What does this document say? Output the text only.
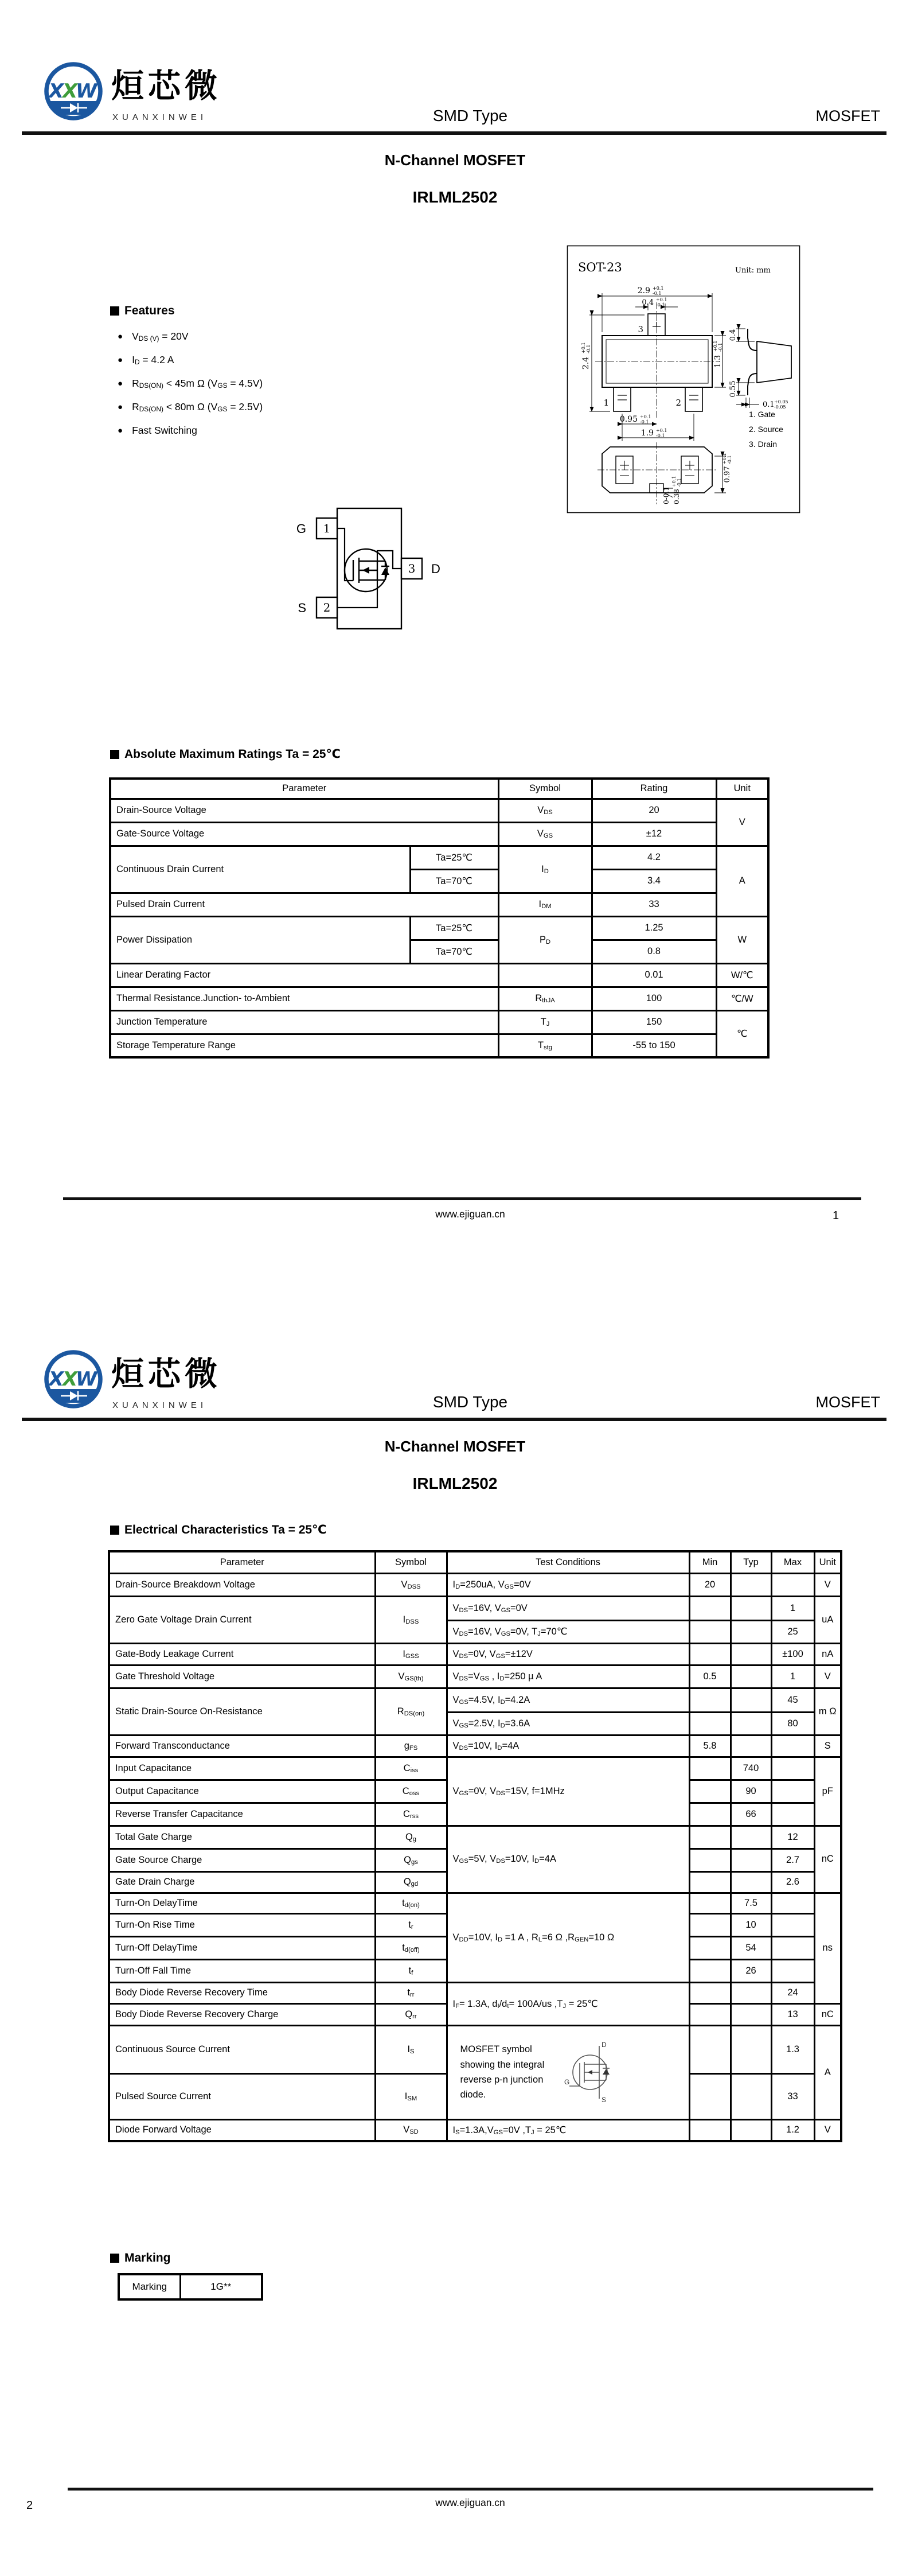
X
X
W 烜芯微
XUANXINWEI	SMD Type	MOSFET
N-Channel MOSFET
IRLML2502
SOT-23	Unit: mm
2.9 +0.1
-0.1
0.4 +0.1
-0.1
2.4
+0.1 -0.1
1.3
+0.1 -0.1
0.95 +0.1
-0.1
1.9 +0.1
-0.1
3
1	2
0.4
0.55
0.1 +0.05
-0.05
0.97
+0.1 -0.1
0-0.1 0.38
+0.1 -0.1
1. Gate
2. Source
3. Drain
Features
● $V_{DS (V)} = 20V$
● $I_D = 4.2$ A
● $R_{DS(ON)} < 45m$ Ω $(V_{GS} = 4.5V)$
● $R_{DS(ON)} < 80m$ Ω $(V_{GS} = 2.5V)$
● Fast Switching
G
S
D
1
2
3
Absolute Maximum Ratings Ta = 25℃
Parameter		Symbol	Rating	Unit
Drain-Source Voltage		$V_{DS}$	20	V
Gate-Source Voltage		$V_{GS}$	±12	
Continuous Drain Current	Ta=25℃	$I_D$	4.2	A
	Ta=70℃		3.4	
Pulsed Drain Current		$I_{DM}$	33	
Power Dissipation	Ta=25℃	$P_D$	1.25	W
	Ta=70℃		0.8	
Linear Derating Factor			0.01	W/℃
Thermal Resistance.Junction- to-Ambient		$R_{thJA}$	100	℃/W
Junction Temperature		$T_J$	150	℃
Storage Temperature Range		$T_{stg}$	-55 to 150	
www.ejiguan.cn	1
X
X
W 烜芯微
XUANXINWEI	SMD Type	MOSFET
N-Channel MOSFET
IRLML2502
Electrical Characteristics Ta = 25℃
Parameter	Symbol	Test Conditions	Min	Typ	Max	Unit
Drain-Source Breakdown Voltage	$V_{DSS}$	$I_D=250uA$, $V_{GS}=0V$	20			V
Zero Gate Voltage Drain Current	$I_{DSS}$	$V_{DS}=16V$, $V_{GS}=0V$			1	uA
		$V_{DS}=16V$, $V_{GS}=0V$, $T_J=70℃$			25	
Gate-Body Leakage Current	$I_{GSS}$	$V_{DS}=0V$, $V_{GS}=\pm 12V$			±100	nA
Gate Threshold Voltage	$V_{GS(th)}$	$V_{DS}=V_{GS}$ , $I_D=250$ µ A	0.5		1	V
Static Drain-Source On-Resistance	$R_{DS(on)}$	$V_{GS}=4.5V$, $I_D=4.2A$			45	m Ω
		$V_{GS}=2.5V$, $I_D=3.6A$			80	
Forward Transconductance	$g_{FS}$	$V_{DS}=10V$, $I_D=4A$	5.8			S
Input Capacitance	$C_{iss}$	$V_{GS}=0V$, $V_{DS}=15V$, f=1MHz		740		pF
Output Capacitance	$C_{oss}$			90		
Reverse Transfer Capacitance	$C_{rss}$			66		
Total Gate Charge	$Q_g$	$V_{GS}=5V$, $V_{DS}=10V$, $I_D=4A$			12	nC
Gate Source Charge	$Q_{gs}$				2.7	
Gate Drain Charge	$Q_{gd}$				2.6	
Turn-On DelayTime	$t_{d(on)}$	$V_{DD}=10V$, $I_D =1$ A , $R_L=6$ Ω $,R_{GEN}=10$ Ω		7.5		ns
Turn-On Rise Time	$t_r$			10		
Turn-Off DelayTime	$t_{d(off)}$			54		
Turn-Off Fall Time	$t_f$			26		
Body Diode Reverse Recovery Time	$t_{rr}$	$I_F= 1.3A$, $d_I/d_t= 100A/us$ $,T_J$ = 25℃			24	
Body Diode Reverse Recovery Charge	$Q_{rr}$				13	nC
Continuous Source Current	$I_S$	MOSFET symbol showing the integral reverse p-n junction diode.
D
G
S			1.3	A
Pulsed Source Current	$I_{SM}$				33	
Diode Forward Voltage	$V_{SD}$	$I_S=1.3A,V_{GS}=0V$ $,T_J$ = 25℃			1.2	V
Marking
Marking	1G**
www.ejiguan.cn
2
